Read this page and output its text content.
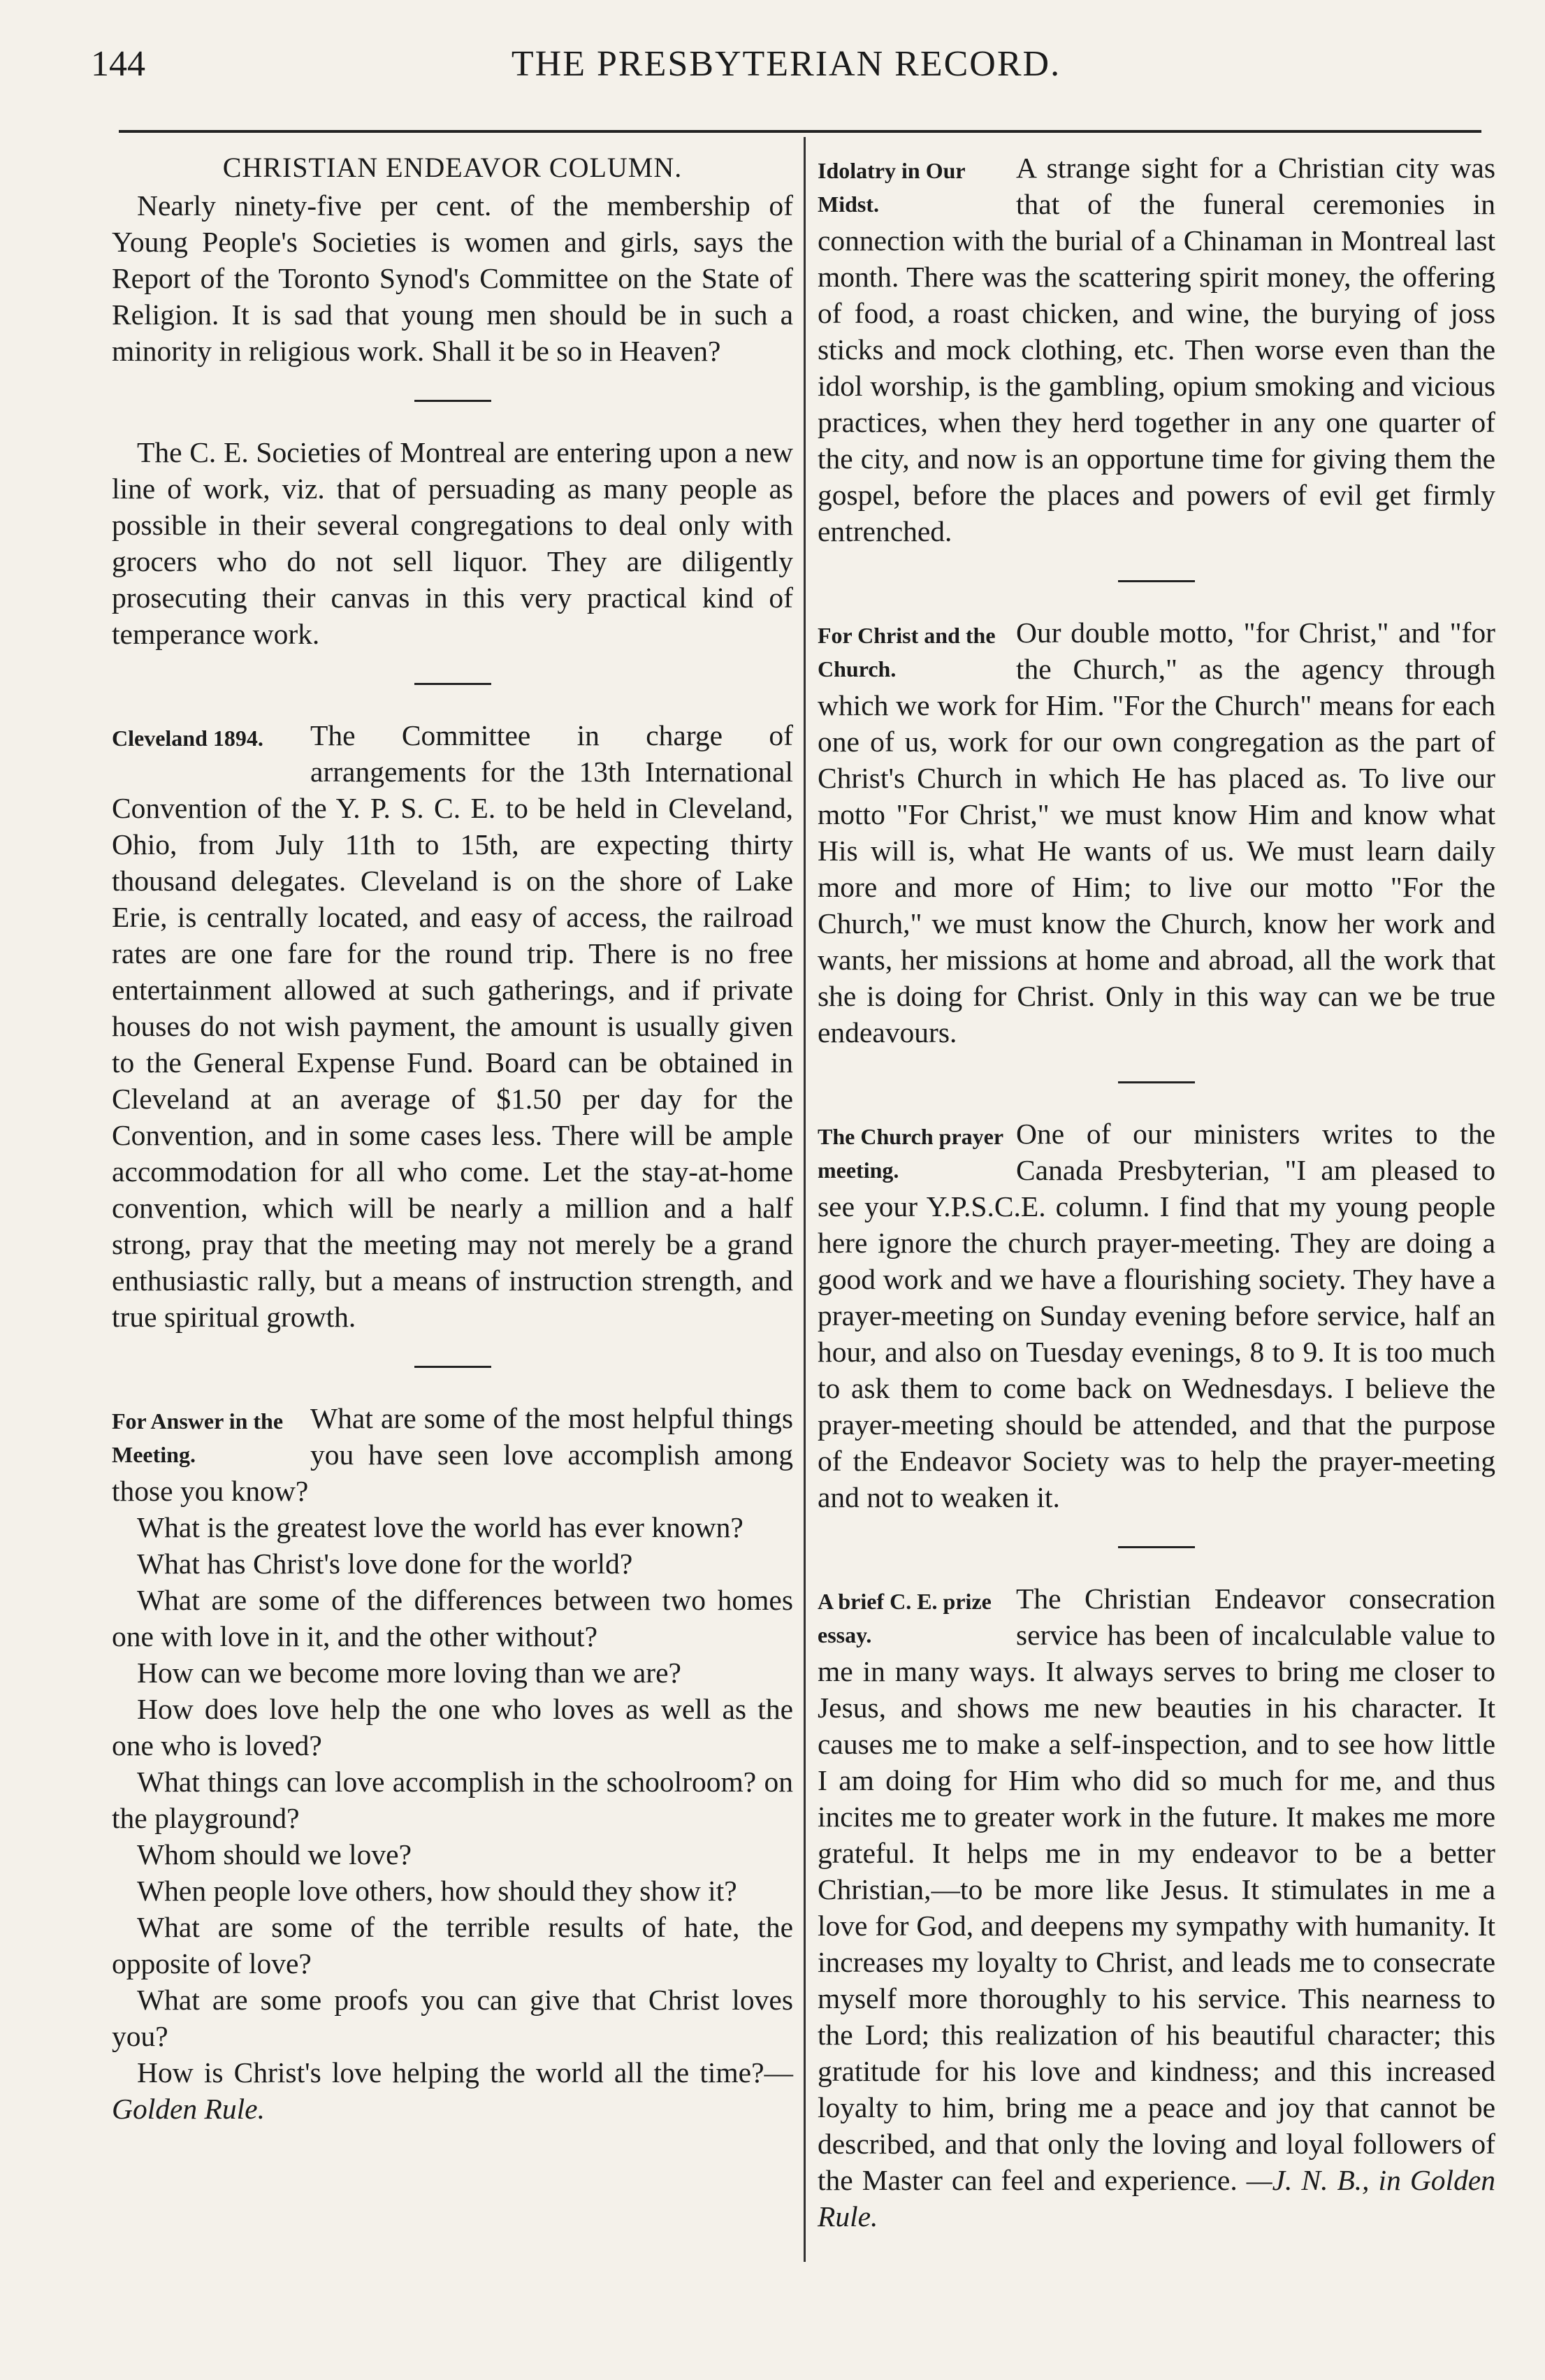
144	THE PRESBYTERIAN RECORD.
CHRISTIAN ENDEAVOR COLUMN.

Nearly ninety-five per cent. of the membership of Young People's Societies is women and girls, says the Report of the Toronto Synod's Committee on the State of Religion. It is sad that young men should be in such a minority in religious work. Shall it be so in Heaven?

The C. E. Societies of Montreal are entering upon a new line of work, viz. that of persuading as many people as possible in their several congregations to deal only with grocers who do not sell liquor. They are diligently prosecuting their canvas in this very practical kind of temperance work.

Cleveland 1894.	The Committee in charge of arrangements for the 13th International Convention of the Y. P. S. C. E. to be held in Cleveland, Ohio, from July 11th to 15th, are expecting thirty thousand delegates. Cleveland is on the shore of Lake Erie, is centrally located, and easy of access, the railroad rates are one fare for the round trip. There is no free entertainment allowed at such gatherings, and if private houses do not wish payment, the amount is usually given to the General Expense Fund. Board can be obtained in Cleveland at an average of $1.50 per day for the Convention, and in some cases less. There will be ample accommodation for all who come. Let the stay-at-home convention, which will be nearly a million and a half strong, pray that the meeting may not merely be a grand enthusiastic rally, but a means of instruction strength, and true spiritual growth.

For Answer in the Meeting.

What are some of the most helpful things you have seen love accomplish among those you know?

What is the greatest love the world has ever known?

What has Christ's love done for the world?

What are some of the differences between two homes one with love in it, and the other without?

How can we become more loving than we are?

How does love help the one who loves as well as the one who is loved?

What things can love accomplish in the schoolroom? on the playground?

Whom should we love?

When people love others, how should they show it?

What are some of the terrible results of hate, the opposite of love?

What are some proofs you can give that Christ loves you?

How is Christ's love helping the world all the time?—Golden Rule.

Idolatry in Our Midst.
A strange sight for a Christian city was that of the funeral ceremonies in connection with the burial of a Chinaman in Montreal last month. There was the scattering spirit money, the offering of food, a roast chicken, and wine, the burying of joss sticks and mock clothing, etc. Then worse even than the idol worship, is the gambling, opium smoking and vicious practices, when they herd together in any one quarter of the city, and now is an opportune time for giving them the gospel, before the places and powers of evil get firmly entrenched.

For Christ and the Church.
Our double motto, "for Christ," and "for the Church," as the agency through which we work for Him. "For the Church" means for each one of us, work for our own congregation as the part of Christ's Church in which He has placed as. To live our motto "For Christ," we must know Him and know what His will is, what He wants of us. We must learn daily more and more of Him; to live our motto "For the Church," we must know the Church, know her work and wants, her missions at home and abroad, all the work that she is doing for Christ. Only in this way can we be true endeavours.

The Church prayer meeting.
One of our ministers writes to the Canada Presbyterian, "I am pleased to see your Y.P.S.C.E. column. I find that my young people here ignore the church prayer-meeting. They are doing a good work and we have a flourishing society. They have a prayer-meeting on Sunday evening before service, half an hour, and also on Tuesday evenings, 8 to 9. It is too much to ask them to come back on Wednesdays. I believe the prayer-meeting should be attended, and that the purpose of the Endeavor Society was to help the prayer-meeting and not to weaken it.

A brief C. E. prize essay.
The Christian Endeavor consecration service has been of incalculable value to me in many ways. It always serves to bring me closer to Jesus, and shows me new beauties in his character. It causes me to make a self-inspection, and to see how little I am doing for Him who did so much for me, and thus incites me to greater work in the future. It makes me more grateful. It helps me in my endeavor to be a better Christian,—to be more like Jesus. It stimulates in me a love for God, and deepens my sympathy with humanity. It increases my loyalty to Christ, and leads me to consecrate myself more thoroughly to his service. This nearness to the Lord; this realization of his beautiful character; this gratitude for his love and kindness; and this increased loyalty to him, bring me a peace and joy that cannot be described, and that only the loving and loyal followers of the Master can feel and experience. —J. N. B., in Golden Rule.
